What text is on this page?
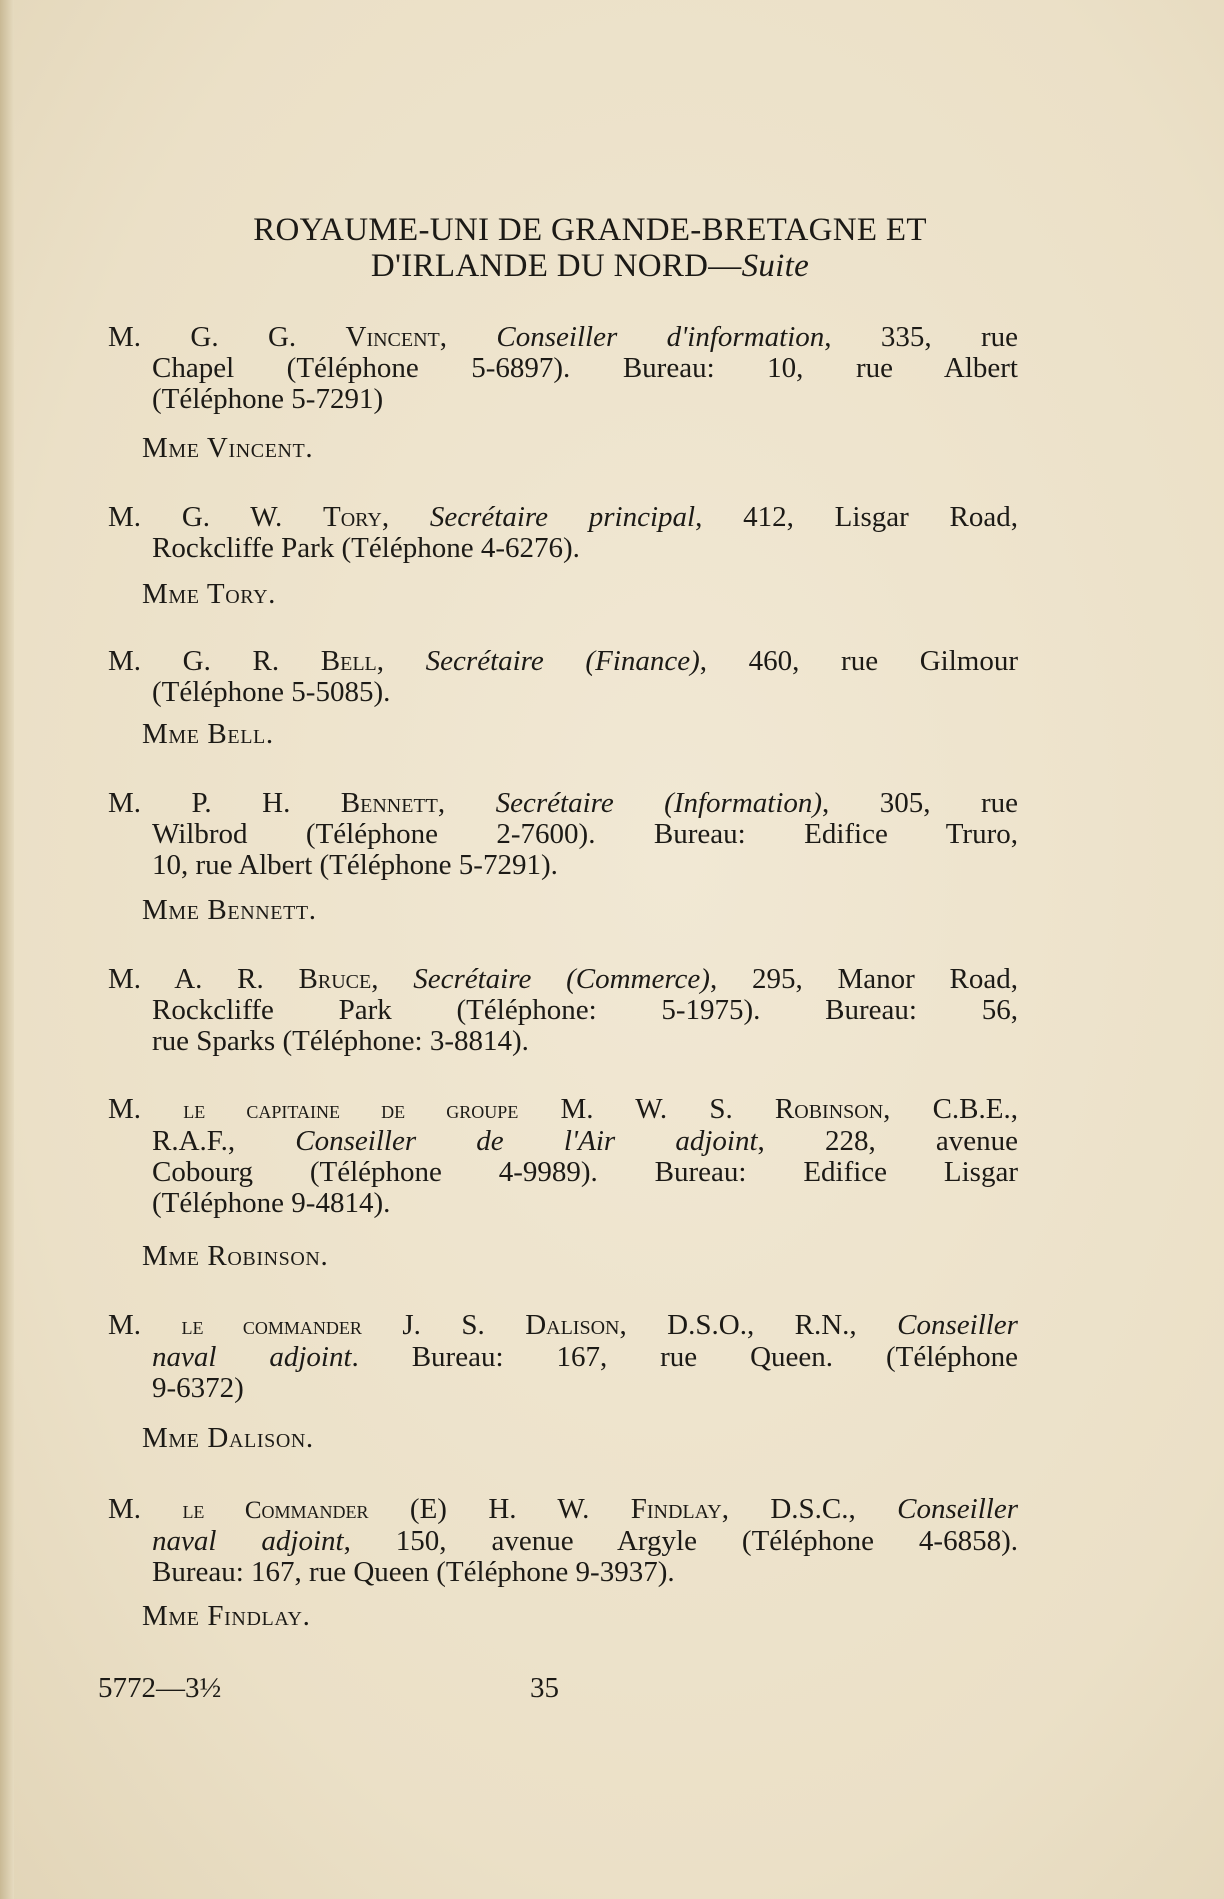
ROYAUME-UNI DE GRANDE-BRETAGNE ET
D'IRLANDE DU NORD—Suite
M. G. G. Vincent, Conseiller d'information, 335, rue
Chapel (Téléphone 5-6897). Bureau: 10, rue Albert
(Téléphone 5-7291)
Mme Vincent.
M. G. W. Tory, Secrétaire principal, 412, Lisgar Road,
Rockcliffe Park (Téléphone 4-6276).
Mme Tory.
M. G. R. Bell, Secrétaire (Finance), 460, rue Gilmour
(Téléphone 5-5085).
Mme Bell.
M. P. H. Bennett, Secrétaire (Information), 305, rue
Wilbrod (Téléphone 2-7600). Bureau: Edifice Truro,
10, rue Albert (Téléphone 5-7291).
Mme Bennett.
M. A. R. Bruce, Secrétaire (Commerce), 295, Manor Road,
Rockcliffe Park (Téléphone: 5-1975). Bureau: 56,
rue Sparks (Téléphone: 3-8814).
M. le capitaine de groupe M. W. S. Robinson, C.B.E.,
R.A.F., Conseiller de l'Air adjoint, 228, avenue
Cobourg (Téléphone 4-9989). Bureau: Edifice Lisgar
(Téléphone 9-4814).
Mme Robinson.
M. le commander J. S. Dalison, D.S.O., R.N., Conseiller
naval adjoint. Bureau: 167, rue Queen. (Téléphone
9-6372)
Mme Dalison.
M. le Commander (E) H. W. Findlay, D.S.C., Conseiller
naval adjoint, 150, avenue Argyle (Téléphone 4-6858).
Bureau: 167, rue Queen (Téléphone 9-3937).
Mme Findlay.
5772—3½	35
